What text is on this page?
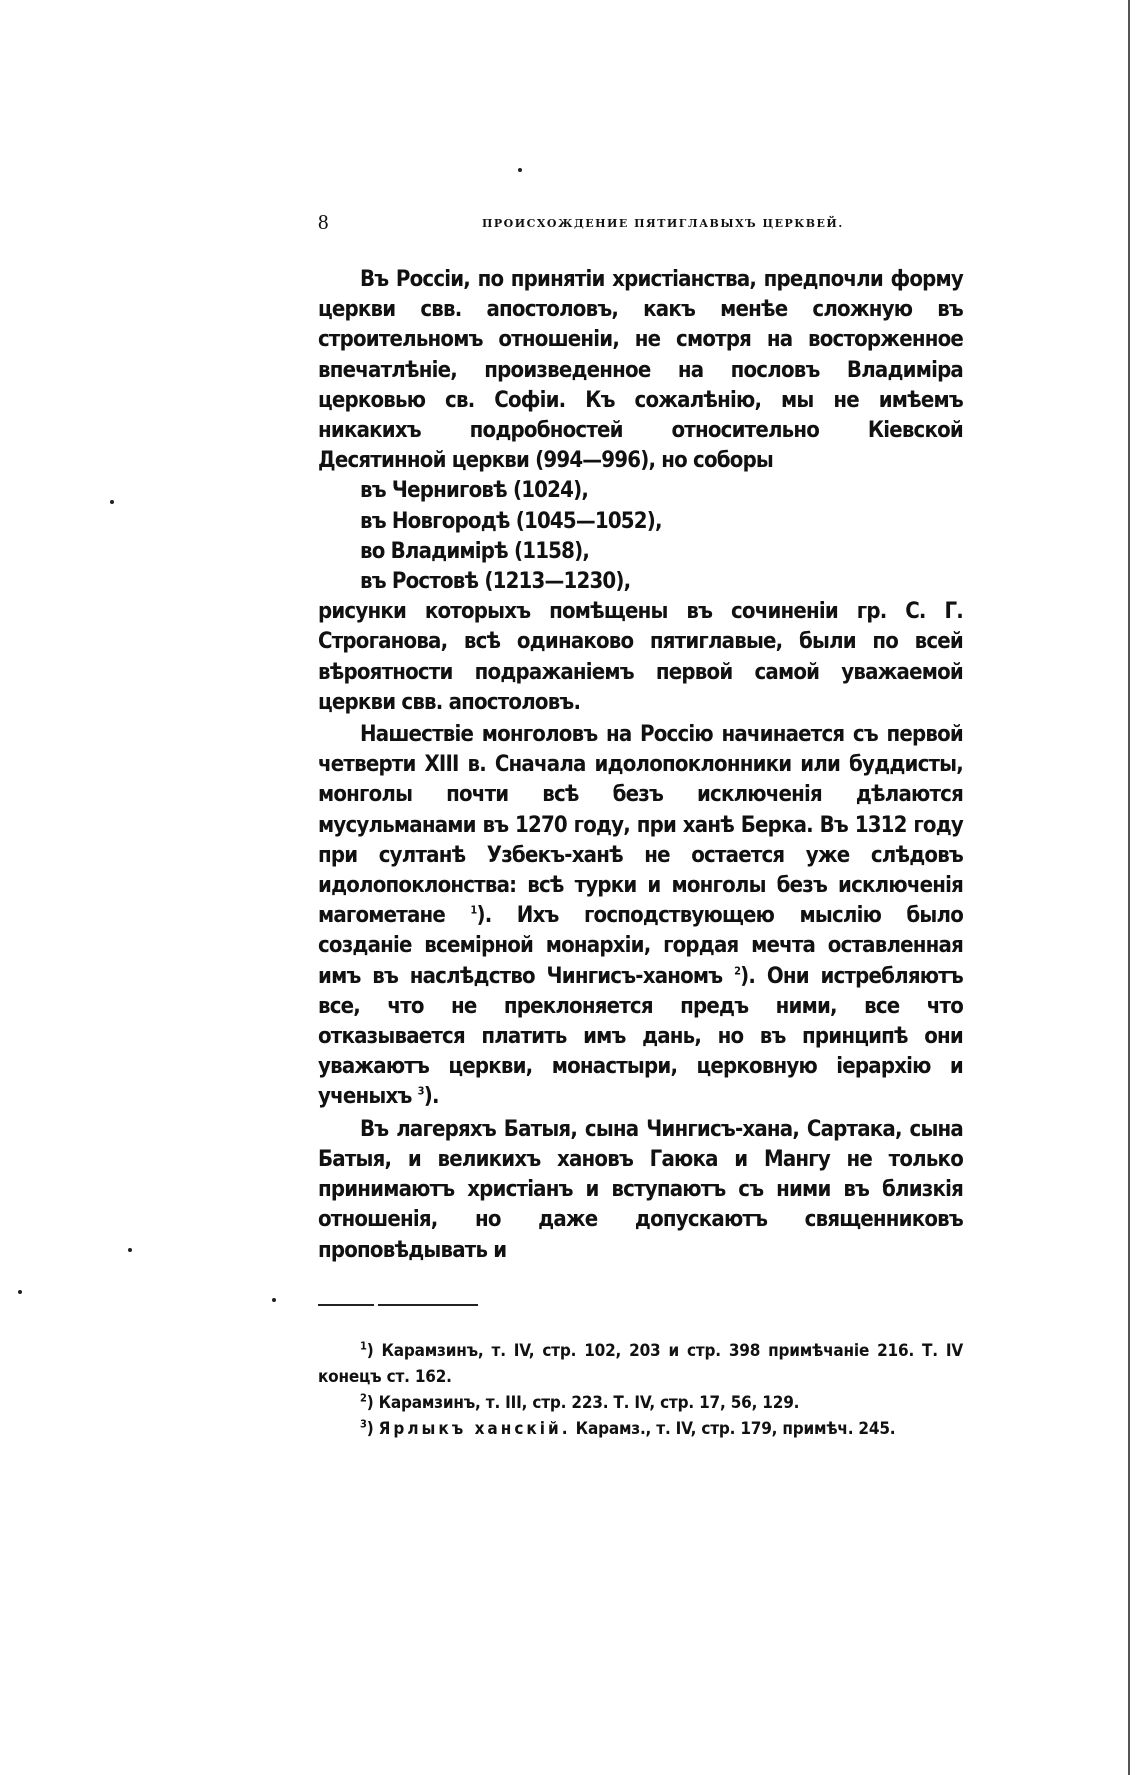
8	ПРОИСХОЖДЕНИЕ ПЯТИГЛАВЫХЪ ЦЕРКВЕЙ.

Въ Россіи, по принятіи христіанства, предпочли форму церкви свв. апостоловъ, какъ менѣе сложную въ строительномъ отношеніи, не смотря на восторженное впечатлѣніе, произведенное на пословъ Владиміра церковью св. Софіи. Къ сожалѣнію, мы не имѣемъ никакихъ подробностей относительно Кіевской Десятинной церкви (994—996), но соборы

въ Черниговѣ (1024),
въ Новгородѣ (1045—1052),
во Владимірѣ (1158),
въ Ростовѣ (1213—1230),

рисунки которыхъ помѣщены въ сочиненіи гр. С. Г. Строганова, всѣ одинаково пятиглавые, были по всей вѣроятности подражаніемъ первой самой уважаемой церкви свв. апостоловъ.

Нашествіе монголовъ на Россію начинается съ первой четверти XIII в. Сначала идолопоклонники или буддисты, монголы почти всѣ безъ исключенія дѣлаются мусульманами въ 1270 году, при ханѣ Берка. Въ 1312 году при султанѣ Узбекъ-ханѣ не остается уже слѣдовъ идолопоклонства: всѣ турки и монголы безъ исключенія магометане $^1$). Ихъ господствующею мыслію было созданіе всемірной монархіи, гордая мечта оставленная имъ въ наслѣдство Чингисъ-ханомъ $^2$). Они истребляютъ все, что не преклоняется предъ ними, все что отказывается платить имъ дань, но въ принципѣ они уважаютъ церкви, монастыри, церковную іерархію и ученыхъ $^3$).

Въ лагеряхъ Батыя, сына Чингисъ-хана, Сартака, сына Батыя, и великихъ хановъ Гаюка и Мангу не только принимаютъ христіанъ и вступаютъ съ ними въ близкія отношенія, но даже допускаютъ священниковъ проповѣдывать и

$^1$) Карамзинъ, т. IV, стр. 102, 203 и стр. 398 примѣчаніе 216. Т. IV конецъ ст. 162.

$^2$) Карамзинъ, т. III, стр. 223. Т. IV, стр. 17, 56, 129.

$^3$) Ярлыкъ ханскій. Карамз., т. IV, стр. 179, примѣч. 245.
